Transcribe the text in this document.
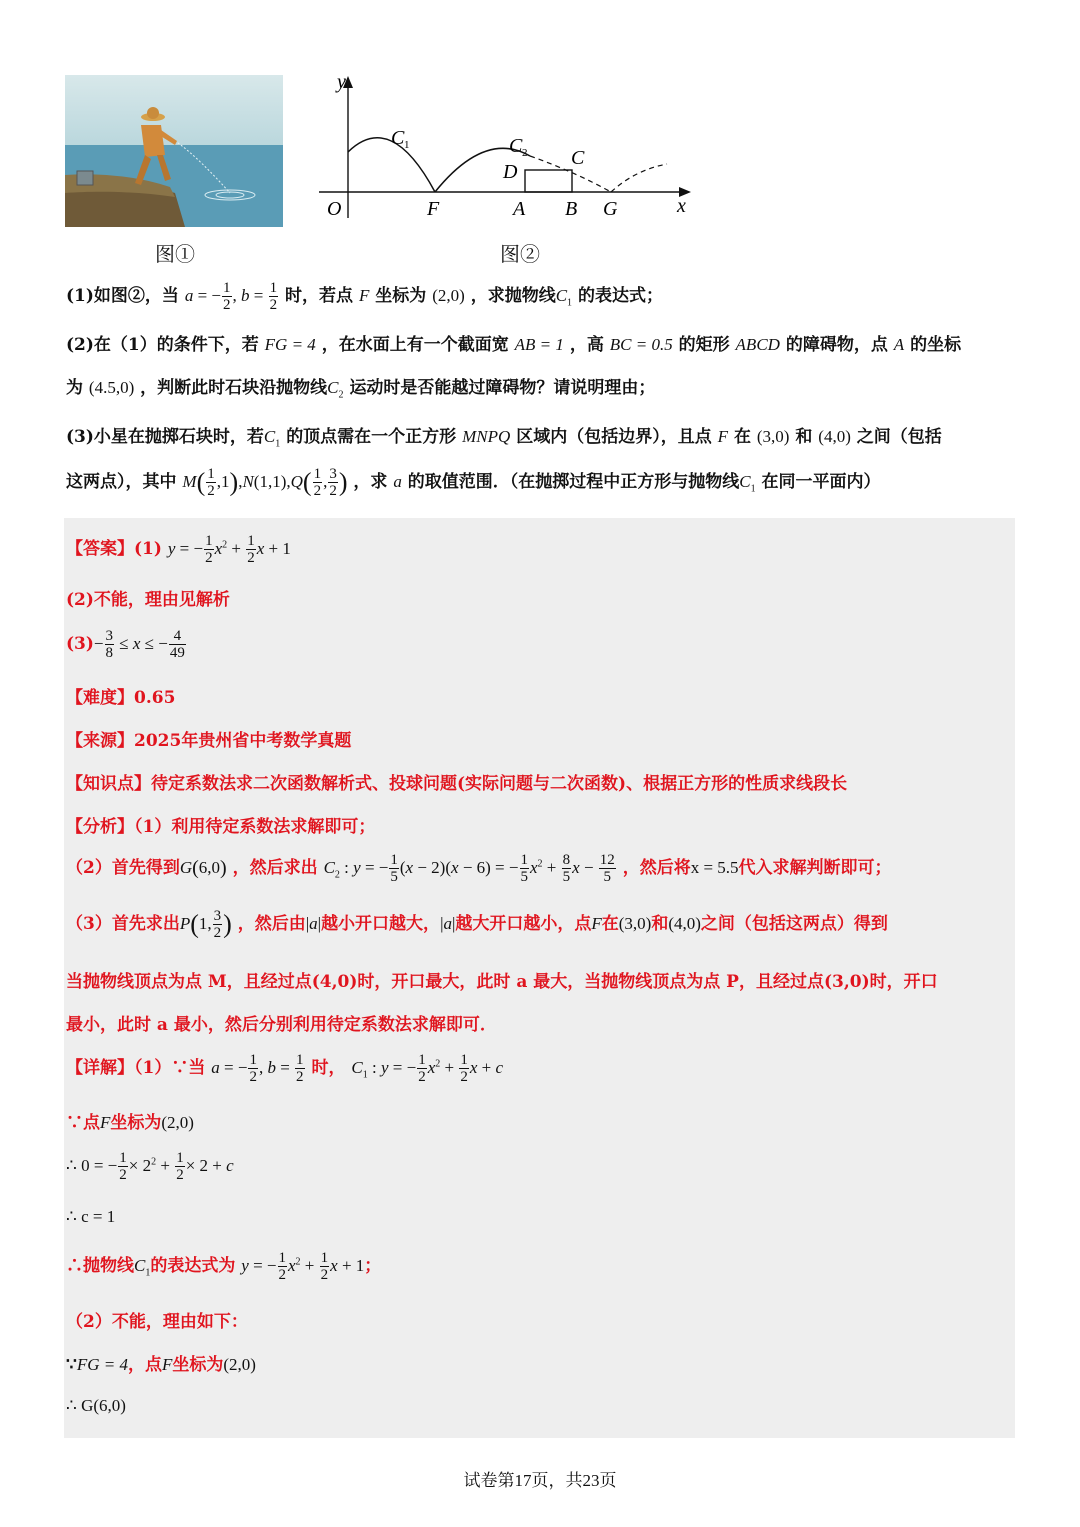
y
x
O	F	A B G
C 1	C 2 C
D
图①	图②
(1)如图②，当 a = − $\frac{1}{2}$ , $b = \frac{1}{2}$ 时，若点 F 坐标为 (2,0) ，求抛物线$C_1$ 的表达式；
(2)在（1）的条件下，若 FG = 4 ，在水面上有一个截面宽 AB = 1 ，高 BC = 0.5 的矩形 ABCD 的障碍物，点 A 的坐标
为 (4.5,0) ，判断此时石块沿抛物线$C_2$ 运动时是否能越过障碍物？请说明理由；
(3)小星在抛掷石块时，若$C_1$ 的顶点需在一个正方形 MNPQ 区域内（包括边界），且点 F 在 (3,0) 和 (4,0) 之间（包括
这两点），其中 $M( \frac{1}{2} ,1),N(1,1),Q( \frac{1}{2}$ , $\frac{3}{2}$ ) ，求 a 的取值范围．（在抛掷过程中正方形与抛物线$C_1$ 在同一平面内）
【答案】(1) y = − $\frac{1}{2} x^2 + \frac{1}{2}$ x + 1
(2)不能，理由见解析
$(3)- \frac{3}{8} \le x$ ≤ − $\frac{4}{49}$
【难度】0.65
【来源】2025年贵州省中考数学真题
【知识点】待定系数法求二次函数解析式、投球问题(实际问题与二次函数)、根据正方形的性质求线段长
【分析】（1）利用待定系数法求解即可；
（2）首先得到G(6,0) ，然后求出 $C_2$ : y = − $\frac{1}{5} (x - 2)(x - 6)$ = − $\frac{1}{5} x^2 + \frac{8}{5}$ $x - \frac{12}{5}$ ，然后将x = 5.5代入求解判断即可；
（3）首先求出P(1, $\frac{3}{2}$ ) ，然后由|a|越小开口越大，|a|越大开口越小，点F在(3,0)和(4,0)之间（包括这两点）得到
当抛物线顶点为点 M，且经过点(4,0)时，开口最大，此时 a 最大，当抛物线顶点为点 P，且经过点(3,0)时，开口
最小，此时 a 最小，然后分别利用待定系数法求解即可．
【详解】（1）∵当 a = − $\frac{1}{2}$ , $b = \frac{1}{2}$ 时， $C_1$ : y = − $\frac{1}{2} x^2 + \frac{1}{2}$ x + c
∵点F坐标为(2,0)
∴ 0 = − $\frac{1}{2} \times 2^2 + \frac{1}{2} \times 2 + c$
∴ c = 1
∴抛物线$C_1$的表达式为 y = − $\frac{1}{2} x^2 + \frac{1}{2}$ x + 1；
（2）不能，理由如下：
∵FG = 4，点F坐标为(2,0)
∴ G(6,0)
试卷第17页，共23页
